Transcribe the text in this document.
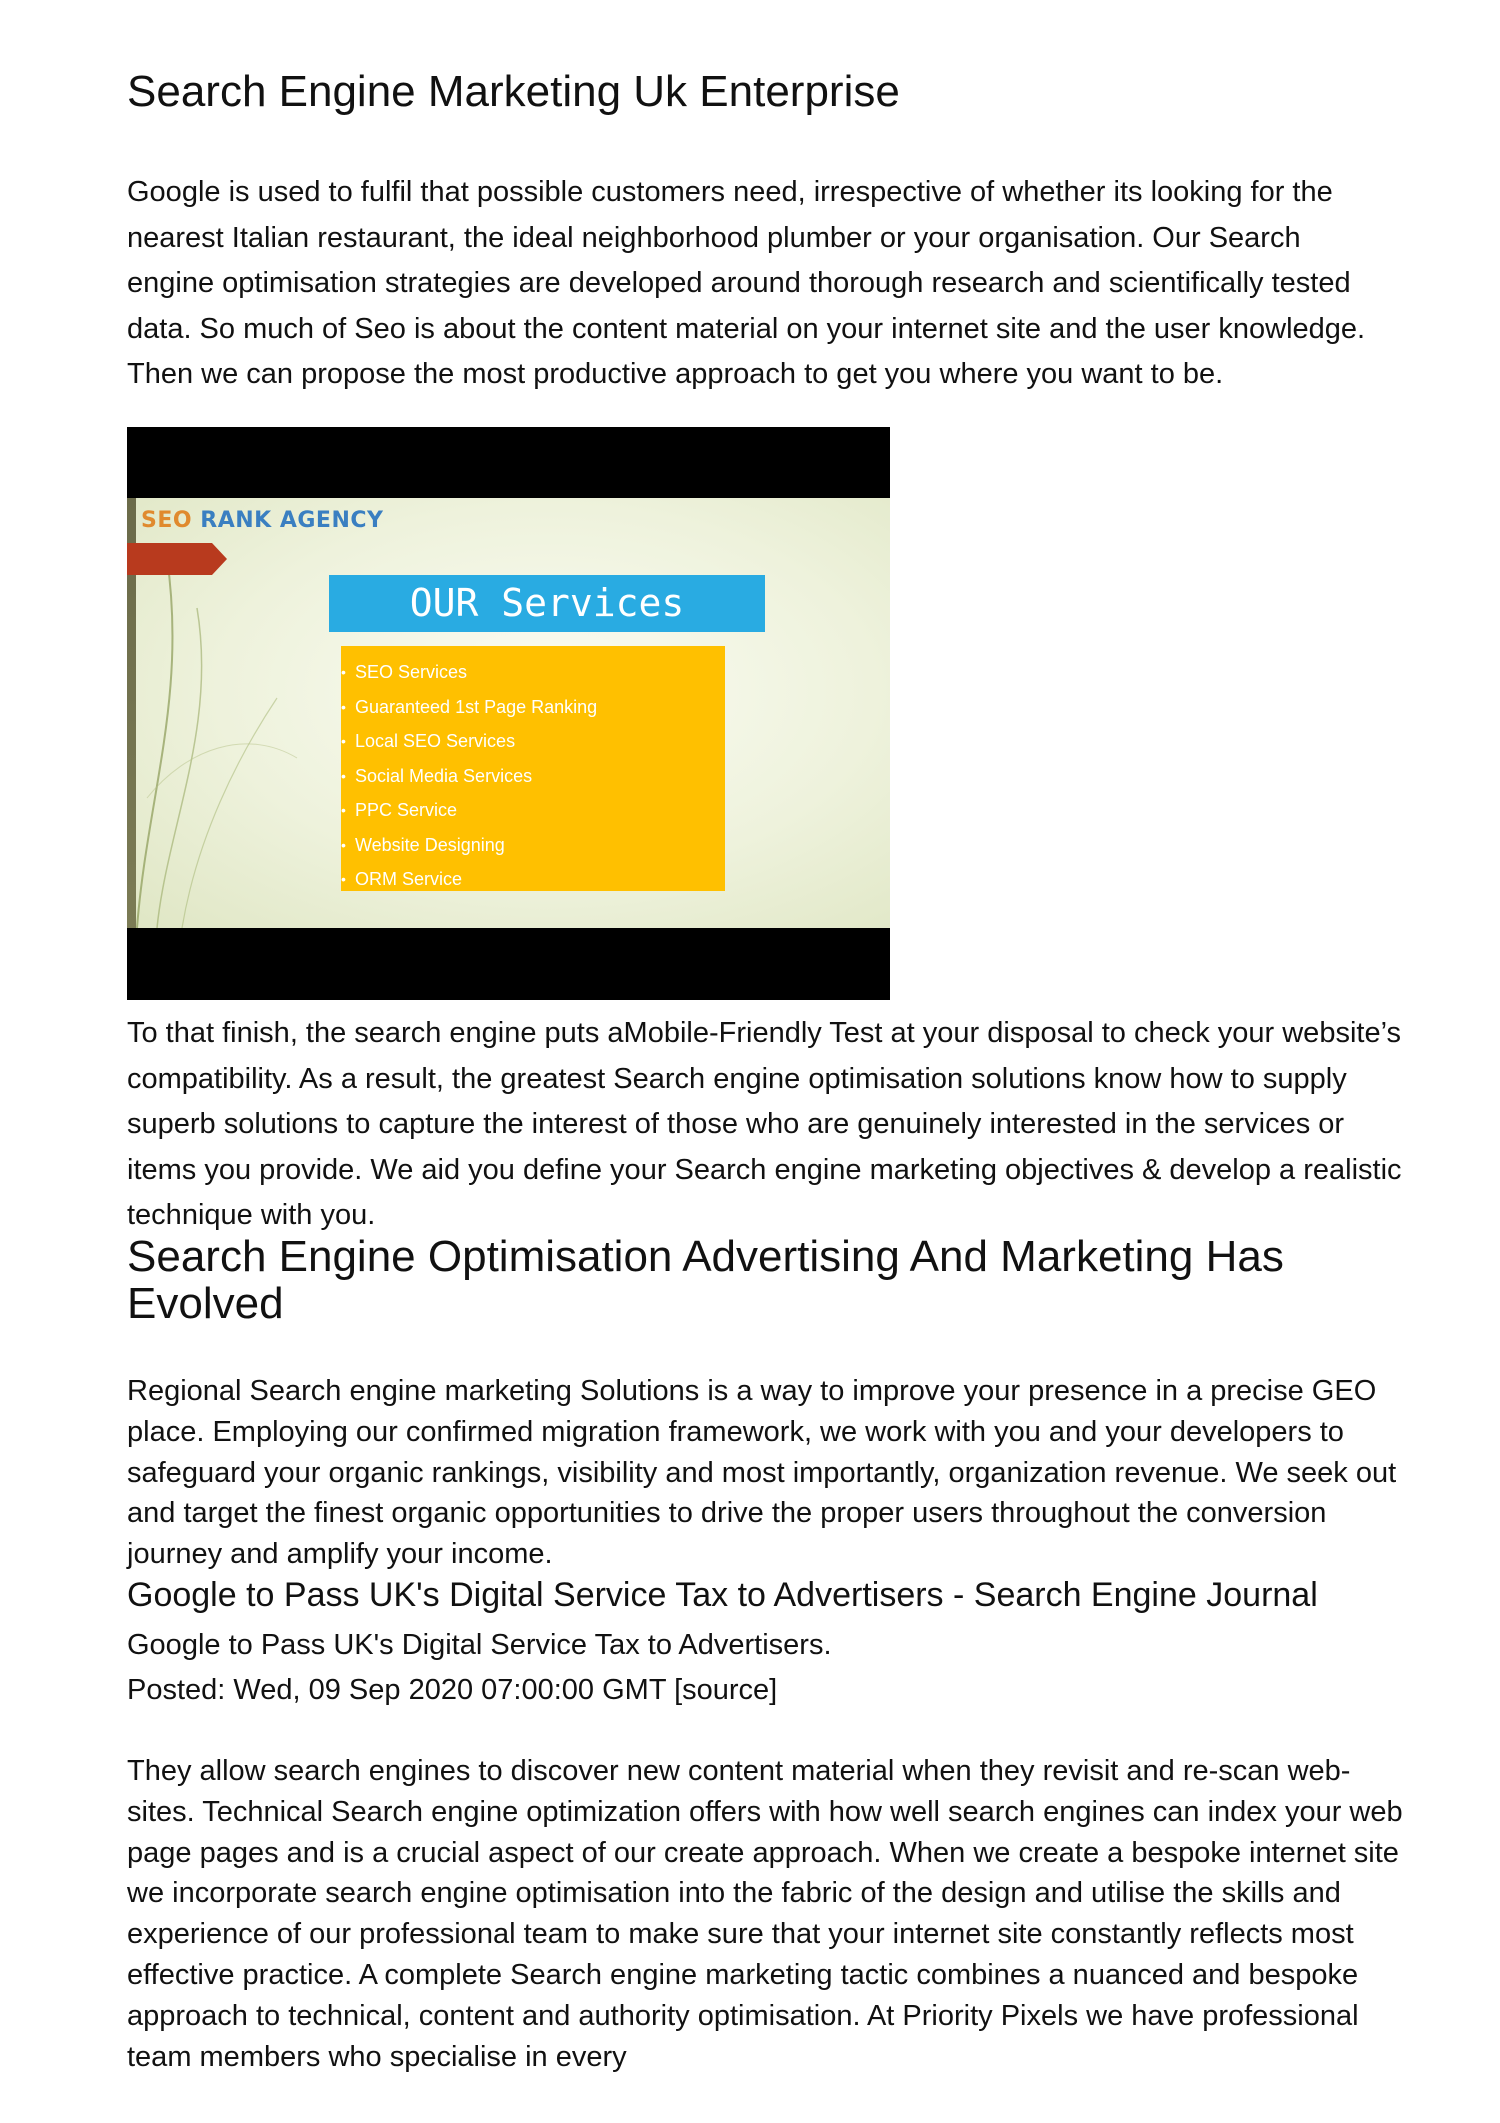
Search Engine Marketing Uk Enterprise

Google is used to fulfil that possible customers need, irrespective of whether its looking for the nearest Italian restaurant, the ideal neighborhood plumber or your organisation. Our Search engine optimisation strategies are developed around thorough research and scientifically tested data. So much of Seo is about the content material on your internet site and the user knowledge. Then we can propose the most productive approach to get you where you want to be.

SEO RANK AGENCY
OUR Services
• SEO Services
• Guaranteed 1st Page Ranking
• Local SEO Services
• Social Media Services
• PPC Service
• Website Designing
• ORM Service

To that finish, the search engine puts aMobile-Friendly Test at your disposal to check your website’s compatibility. As a result, the greatest Search engine optimisation solutions know how to supply superb solutions to capture the interest of those who are genuinely interested in the services or items you provide. We aid you define your Search engine marketing objectives & develop a realistic technique with you.

Search Engine Optimisation Advertising And Marketing Has Evolved

Regional Search engine marketing Solutions is a way to improve your presence in a precise GEO place. Employing our confirmed migration framework, we work with you and your developers to safeguard your organic rankings, visibility and most importantly, organization revenue. We seek out and target the finest organic opportunities to drive the proper users throughout the conversion journey and amplify your income.

Google to Pass UK's Digital Service Tax to Advertisers - Search Engine Journal

Google to Pass UK's Digital Service Tax to Advertisers.

Posted: Wed, 09 Sep 2020 07:00:00 GMT [source]

They allow search engines to discover new content material when they revisit and re-scan web-sites. Technical Search engine optimization offers with how well search engines can index your web page pages and is a crucial aspect of our create approach. When we create a bespoke internet site we incorporate search engine optimisation into the fabric of the design and utilise the skills and experience of our professional team to make sure that your internet site constantly reflects most effective practice. A complete Search engine marketing tactic combines a nuanced and bespoke approach to technical, content and authority optimisation. At Priority Pixels we have professional team members who specialise in every
